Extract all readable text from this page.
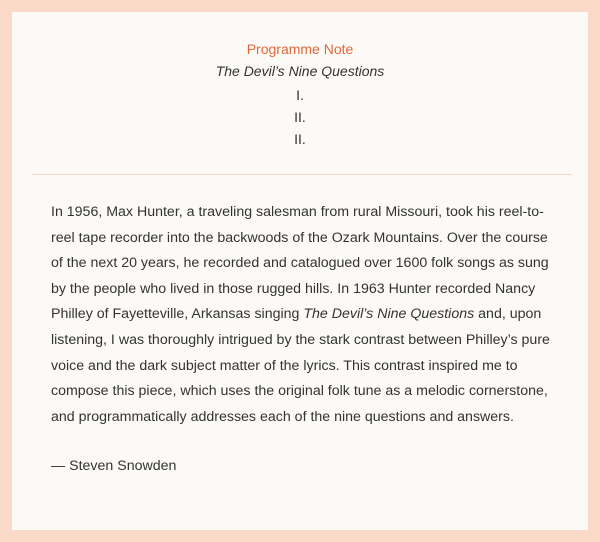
Programme Note
The Devil’s Nine Questions
I.
II.
II.

In 1956, Max Hunter, a traveling salesman from rural Missouri, took his reel-to-reel tape recorder into the backwoods of the Ozark Mountains. Over the course of the next 20 years, he recorded and catalogued over 1600 folk songs as sung by the people who lived in those rugged hills. In 1963 Hunter recorded Nancy Philley of Fayetteville, Arkansas singing The Devil’s Nine Questions and, upon listening, I was thoroughly intrigued by the stark contrast between Philley’s pure voice and the dark subject matter of the lyrics. This contrast inspired me to compose this piece, which uses the original folk tune as a melodic cornerstone, and programmatically addresses each of the nine questions and answers.

— Steven Snowden
